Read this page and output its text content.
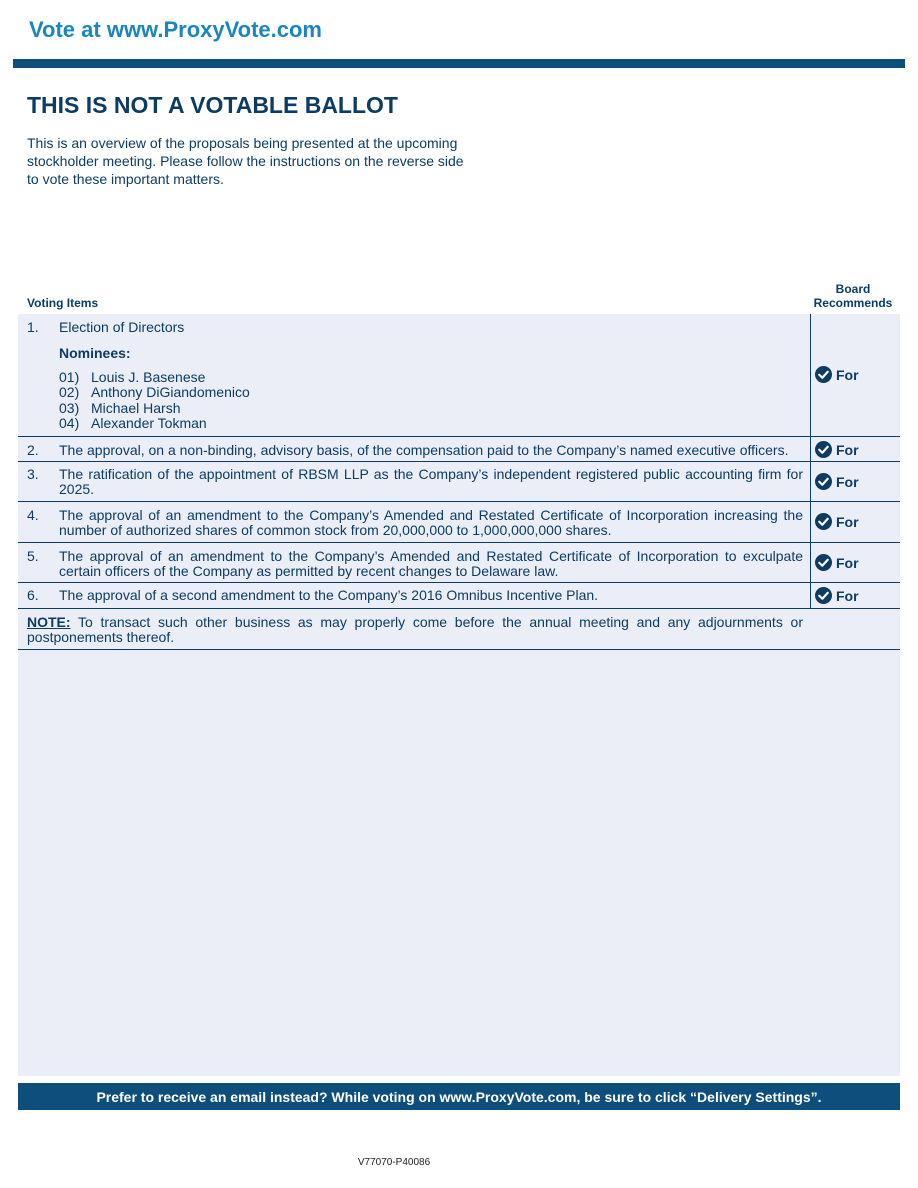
Vote at www.ProxyVote.com
THIS IS NOT A VOTABLE BALLOT
This is an overview of the proposals being presented at the upcoming stockholder meeting. Please follow the instructions on the reverse side to vote these important matters.
Voting Items
Board Recommends
1. Election of Directors
Nominees:
01) Louis J. Basenese
02) Anthony DiGiandomenico
03) Michael Harsh
04) Alexander Tokman
For
2. The approval, on a non-binding, advisory basis, of the compensation paid to the Company’s named executive officers.	For
3. The ratification of the appointment of RBSM LLP as the Company’s independent registered public accounting firm for 2025.	For
4. The approval of an amendment to the Company’s Amended and Restated Certificate of Incorporation increasing the number of authorized shares of common stock from 20,000,000 to 1,000,000,000 shares.
For
5. The approval of an amendment to the Company’s Amended and Restated Certificate of Incorporation to exculpate certain officers of the Company as permitted by recent changes to Delaware law.
For
6. The approval of a second amendment to the Company’s 2016 Omnibus Incentive Plan.	For
NOTE: To transact such other business as may properly come before the annual meeting and any adjournments or postponements thereof.
Prefer to receive an email instead? While voting on www.ProxyVote.com, be sure to click “Delivery Settings”.
V77070-P40086
